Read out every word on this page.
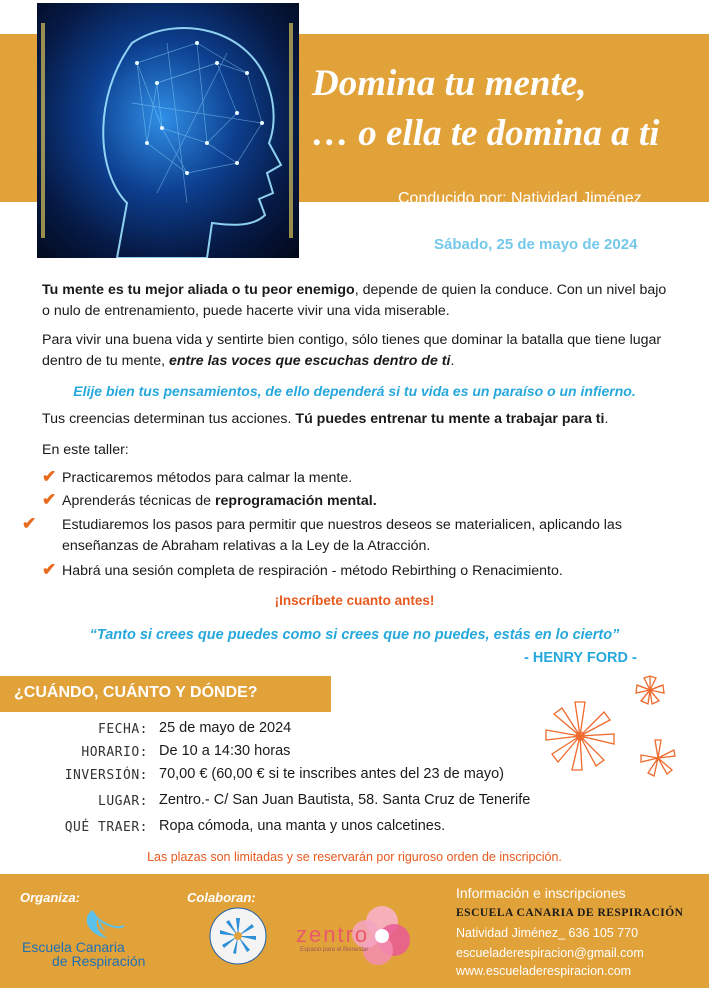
Domina tu mente,
… o ella te domina a ti
Conducido por: Natividad Jiménez
Sábado, 25 de mayo de 2024
Tu mente es tu mejor aliada o tu peor enemigo, depende de quien la conduce. Con un nivel bajo o nulo de entrenamiento, puede hacerte vivir una vida miserable.
Para vivir una buena vida y sentirte bien contigo, sólo tienes que dominar la batalla que tiene lugar dentro de tu mente, entre las voces que escuchas dentro de ti.
Elije bien tus pensamientos, de ello dependerá si tu vida es un paraíso o un infierno.
Tus creencias determinan tus acciones. Tú puedes entrenar tu mente a trabajar para ti.
En este taller:
✔ Practicaremos métodos para calmar la mente.
✔ Aprenderás técnicas de reprogramación mental.
✔ Estudiaremos los pasos para permitir que nuestros deseos se materialicen, aplicando las enseñanzas de Abraham relativas a la Ley de la Atracción.
✔ Habrá una sesión completa de respiración - método Rebirthing o Renacimiento.
¡Inscríbete cuanto antes!
“Tanto si crees que puedes como si crees que no puedes, estás en lo cierto”
- HENRY FORD -
¿CUÁNDO, CUÁNTO Y DÓNDE?
FECHA: 25 de mayo de 2024
HORARIO: De 10 a 14:30 horas
INVERSIÓN: 70,00 € (60,00 € si te inscribes antes del 23 de mayo)
LUGAR: Zentro.- C/ San Juan Bautista, 58. Santa Cruz de Tenerife
QUÉ TRAER: Ropa cómoda, una manta y unos calcetines.
Las plazas son limitadas y se reservarán por riguroso orden de inscripción.
Organiza:	Colaboran:
Escuela Canaria
de Respiración
zentro
Espacio para el Bienestar
Información e inscripciones
ESCUELA CANARIA DE RESPIRACIÓN
Natividad Jiménez_ 636 105 770
escueladerespiracion@gmail.com
www.escueladerespiracion.com
